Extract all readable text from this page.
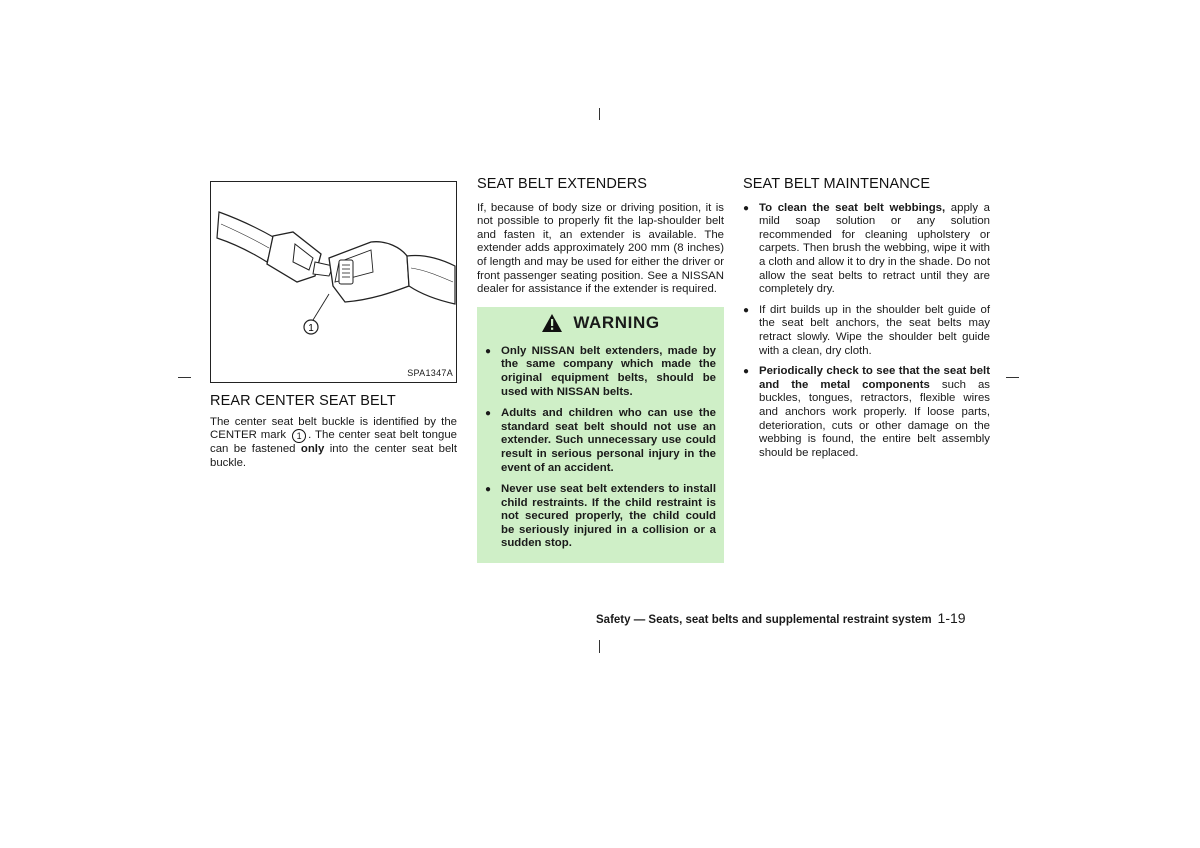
1
SPA1347A
REAR CENTER SEAT BELT

The center seat belt buckle is identified by the CENTER mark 1 . The center seat belt tongue can be fastened only into the center seat belt buckle.

SEAT BELT EXTENDERS

If, because of body size or driving position, it is not possible to properly fit the lap-shoulder belt and fasten it, an extender is available. The extender adds approximately 200 mm (8 inches) of length and may be used for either the driver or front passenger seating position. See a NISSAN dealer for assistance if the extender is required.

WARNING
● Only NISSAN belt extenders, made by the same company which made the original equipment belts, should be used with NISSAN belts.
● Adults and children who can use the standard seat belt should not use an extender. Such unnecessary use could result in serious personal injury in the event of an accident.
● Never use seat belt extenders to install child restraints. If the child restraint is not secured properly, the child could be seriously injured in a collision or a sudden stop.
SEAT BELT MAINTENANCE
● To clean the seat belt webbings, apply a mild soap solution or any solution recommended for cleaning upholstery or carpets. Then brush the webbing, wipe it with a cloth and allow it to dry in the shade. Do not allow the seat belts to retract until they are completely dry.
● If dirt builds up in the shoulder belt guide of the seat belt anchors, the seat belts may retract slowly. Wipe the shoulder belt guide with a clean, dry cloth.
● Periodically check to see that the seat belt and the metal components such as buckles, tongues, retractors, flexible wires and anchors work properly. If loose parts, deterioration, cuts or other damage on the webbing is found, the entire belt assembly should be replaced.
Safety — Seats, seat belts and supplemental restraint system 1-19
